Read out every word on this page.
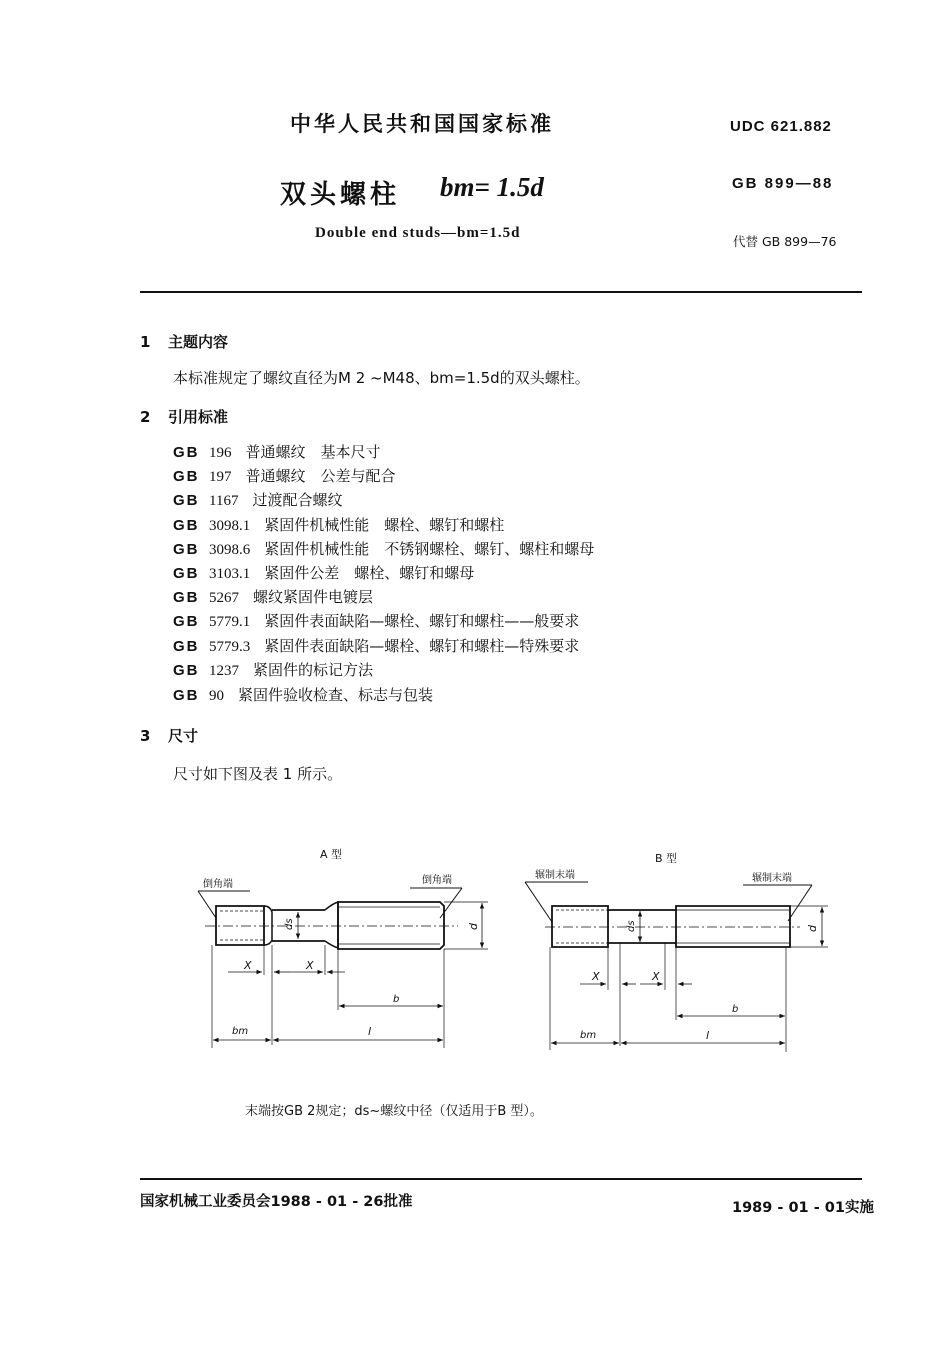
中华人民共和国国家标准	UDC 621.882
双头螺柱 bm= 1.5d	GB 899—88
Double end studs—bm=1.5d
代替 GB 899—76
1 主题内容
本标准规定了螺纹直径为M 2 ~M48、bm=1.5d的双头螺柱。
2 引用标准
GB 196 普通螺纹　基本尺寸
GB 197 普通螺纹　公差与配合
GB 1167 过渡配合螺纹
GB 3098.1 紧固件机械性能　螺栓、螺钉和螺柱
GB 3098.6 紧固件机械性能　不锈钢螺栓、螺钉、螺柱和螺母
GB 3103.1 紧固件公差　螺栓、螺钉和螺母
GB 5267 螺纹紧固件电镀层
GB 5779.1 紧固件表面缺陷—螺栓、螺钉和螺柱——般要求
GB 5779.3 紧固件表面缺陷—螺栓、螺钉和螺柱—特殊要求
GB 1237 紧固件的标记方法
GB 90 紧固件验收检查、标志与包装
3 尺寸
尺寸如下图及表 1 所示。
A 型
倒角端	倒角端
ds	d
X	X
b
bm	l
B 型
辗制末端	辗制末端
ds	d
X	X
b
bm	l
末端按GB 2规定；ds~螺纹中径（仅适用于B 型）。
国家机械工业委员会1988 - 01 - 26批准	1989 - 01 - 01实施
